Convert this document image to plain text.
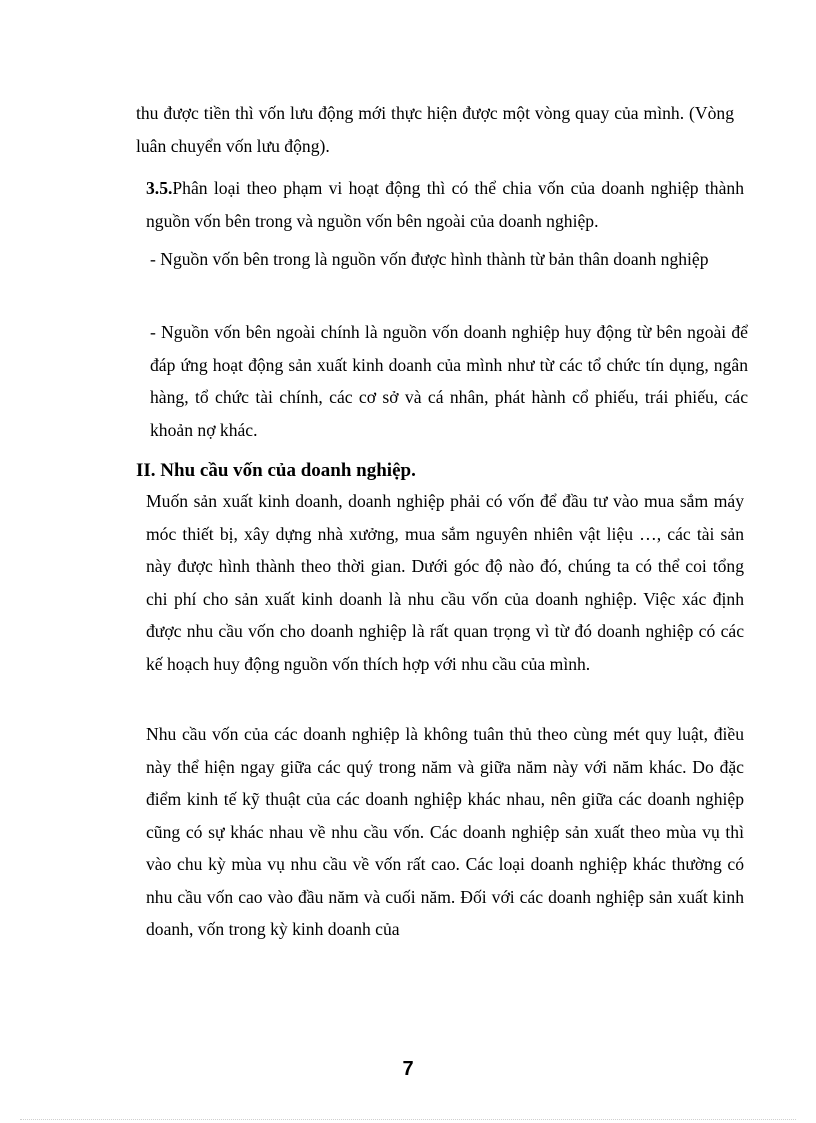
thu được tiền thì vốn lưu động mới thực hiện được một vòng quay của mình. (Vòng luân chuyển vốn lưu động).

3.5.Phân loại theo phạm vi hoạt động thì có thể chia vốn của doanh nghiệp thành nguồn vốn bên trong và nguồn vốn bên ngoài của doanh nghiệp.

- Nguồn vốn bên trong là nguồn vốn được hình thành từ bản thân doanh nghiệp

- Nguồn vốn bên ngoài chính là nguồn vốn doanh nghiệp huy động từ bên ngoài để đáp ứng hoạt động sản xuất kinh doanh của mình như từ các tổ chức tín dụng, ngân hàng, tổ chức tài chính, các cơ sở và cá nhân, phát hành cổ phiếu, trái phiếu, các khoản nợ khác.

II. Nhu cầu vốn của doanh nghiệp.

Muốn sản xuất kinh doanh, doanh nghiệp phải có vốn để đầu tư vào mua sắm máy móc thiết bị, xây dựng nhà xưởng, mua sắm nguyên nhiên vật liệu …, các tài sản này được hình thành theo thời gian. Dưới góc độ nào đó, chúng ta có thể coi tổng chi phí cho sản xuất kinh doanh là nhu cầu vốn của doanh nghiệp. Việc xác định được nhu cầu vốn cho doanh nghiệp là rất quan trọng vì từ đó doanh nghiệp có các kế hoạch huy động nguồn vốn thích hợp với nhu cầu của mình.

Nhu cầu vốn của các doanh nghiệp là không tuân thủ theo cùng mét quy luật, điều này thể hiện ngay giữa các quý trong năm và giữa năm này với năm khác. Do đặc điểm kinh tế kỹ thuật của các doanh nghiệp khác nhau, nên giữa các doanh nghiệp cũng có sự khác nhau về nhu cầu vốn. Các doanh nghiệp sản xuất theo mùa vụ thì vào chu kỳ mùa vụ nhu cầu về vốn rất cao. Các loại doanh nghiệp khác thường có nhu cầu vốn cao vào đầu năm và cuối năm. Đối với các doanh nghiệp sản xuất kinh doanh, vốn trong kỳ kinh doanh của

7
